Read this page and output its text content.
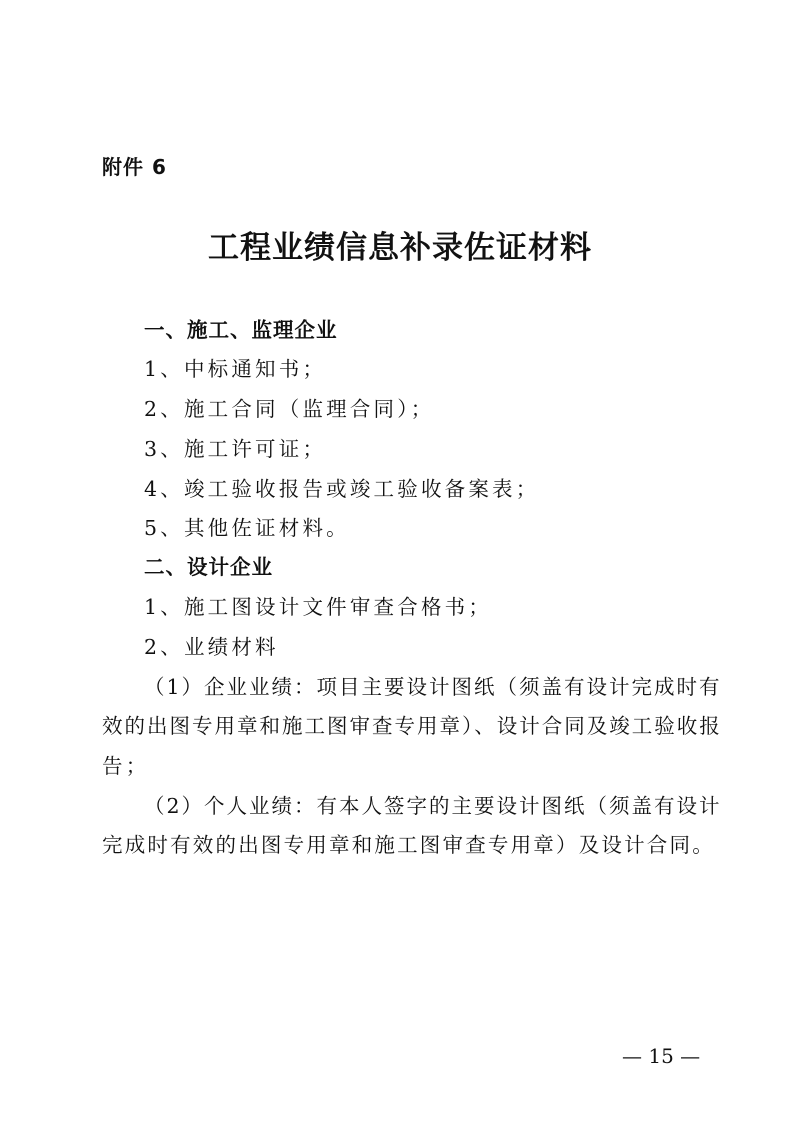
附件 6
工程业绩信息补录佐证材料
一、施工、监理企业
1、中标通知书；
2、施工合同（监理合同）；
3、施工许可证；
4、竣工验收报告或竣工验收备案表；
5、其他佐证材料。
二、设计企业
1、施工图设计文件审查合格书；
2、业绩材料
（1）企业业绩：项目主要设计图纸（须盖有设计完成时有
效的出图专用章和施工图审查专用章）、设计合同及竣工验收报
告；
（2）个人业绩：有本人签字的主要设计图纸（须盖有设计
完成时有效的出图专用章和施工图审查专用章）及设计合同。
— 15 —
